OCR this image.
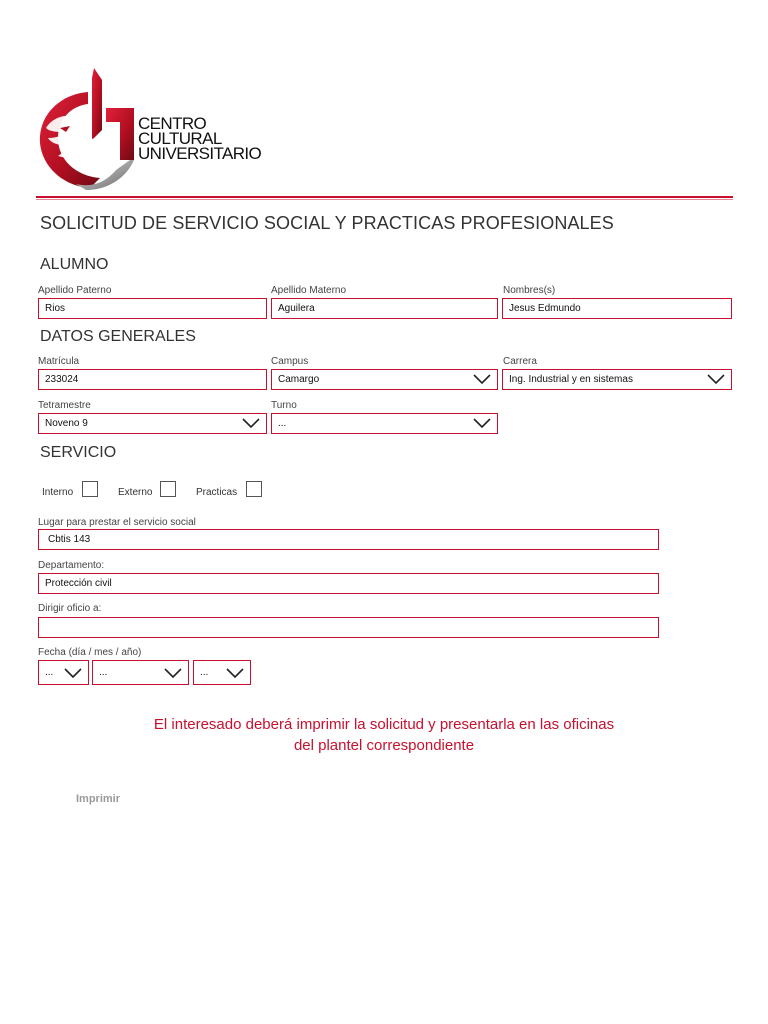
CENTRO
CULTURAL
UNIVERSITARIO
SOLICITUD DE SERVICIO SOCIAL Y PRACTICAS PROFESIONALES
ALUMNO
Apellido Paterno
Rios
Apellido Materno
Aguilera
Nombres(s)
Jesus Edmundo
DATOS GENERALES
Matrícula
233024
Campus
Camargo
Carrera
Ing. Industrial y en sistemas
Tetramestre
Noveno 9
Turno
...
SERVICIO
Interno	Externo	Practicas
Lugar para prestar el servicio social
Cbtis 143
Departamento:
Protección civil
Dirigir oficio a:
Fecha (día / mes / año)
...	...	...
El interesado deberá imprimir la solicitud y presentarla en las oficinas
del plantel correspondiente
Imprimir
